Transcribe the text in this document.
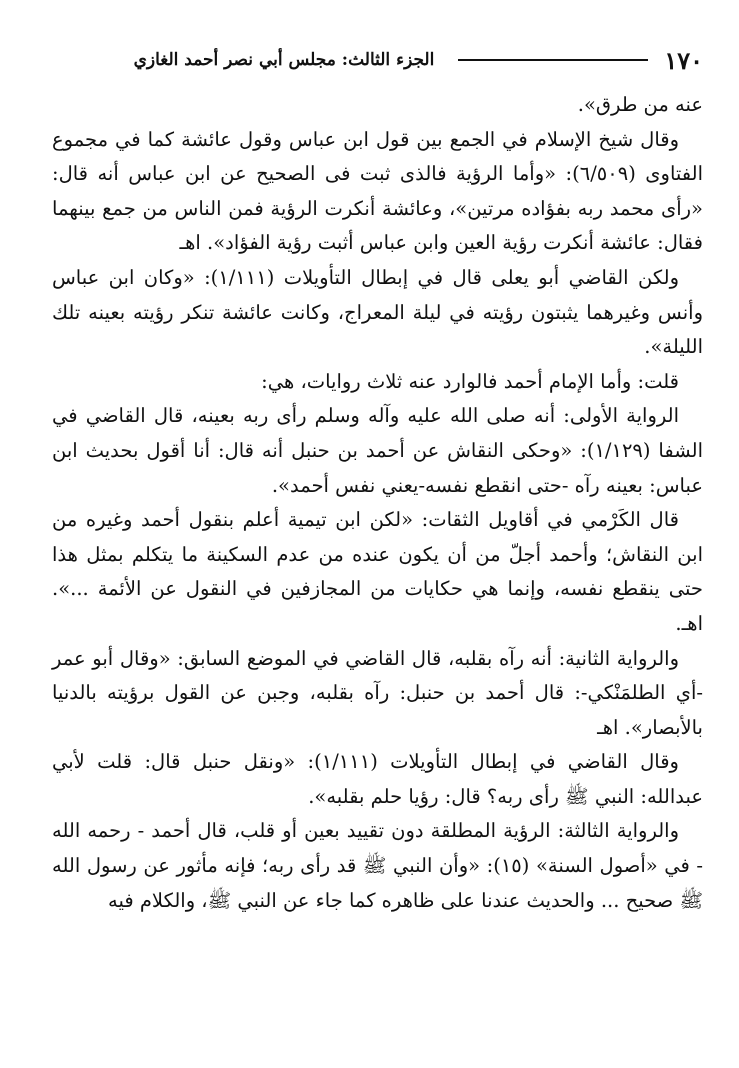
١٧٠
الجزء الثالث: مجلس أبي نصر أحمد الغازي

عنه من طرق».

وقال شيخ الإسلام في الجمع بين قول ابن عباس وقول عائشة كما في مجموع الفتاوى (٦/٥٠٩): «وأما الرؤية فالذى ثبت فى الصحيح عن ابن عباس أنه قال: «رأى محمد ربه بفؤاده مرتين»، وعائشة أنكرت الرؤية فمن الناس من جمع بينهما فقال: عائشة أنكرت رؤية العين وابن عباس أثبت رؤية الفؤاد». اهـ

ولكن القاضي أبو يعلى قال في إبطال التأويلات (١/١١١): «وكان ابن عباس وأنس وغيرهما يثبتون رؤيته في ليلة المعراج، وكانت عائشة تنكر رؤيته بعينه تلك الليلة».

قلت: وأما الإمام أحمد فالوارد عنه ثلاث روايات، هي:

الرواية الأولى: أنه صلى الله عليه وآله وسلم رأى ربه بعينه، قال القاضي في الشفا (١/١٢٩): «وحكى النقاش عن أحمد بن حنبل أنه قال: أنا أقول بحديث ابن عباس: بعينه رآه -حتى انقطع نفسه-يعني نفس أحمد».

قال الكَرْمي في أقاويل الثقات: «لكن ابن تيمية أعلم بنقول أحمد وغيره من ابن النقاش؛ وأحمد أجلّ من أن يكون عنده من عدم السكينة ما يتكلم بمثل هذا حتى ينقطع نفسه، وإنما هي حكايات من المجازفين في النقول عن الأئمة ...». اهـ.

والرواية الثانية: أنه رآه بقلبه، قال القاضي في الموضع السابق: «وقال أبو عمر -أي الطلمَنْكي-: قال أحمد بن حنبل: رآه بقلبه، وجبن عن القول برؤيته بالدنيا بالأبصار». اهـ

وقال القاضي في إبطال التأويلات (١/١١١): «ونقل حنبل قال: قلت لأبي عبدالله: النبي ﷺ رأى ربه؟ قال: رؤيا حلم بقلبه».

والرواية الثالثة: الرؤية المطلقة دون تقييد بعين أو قلب، قال أحمد - رحمه الله - في «أصول السنة» (١٥): «وأن النبي ﷺ قد رأى ربه؛ فإنه مأثور عن رسول الله ﷺ صحيح ... والحديث عندنا على ظاهره كما جاء عن النبي ﷺ، والكلام فيه
